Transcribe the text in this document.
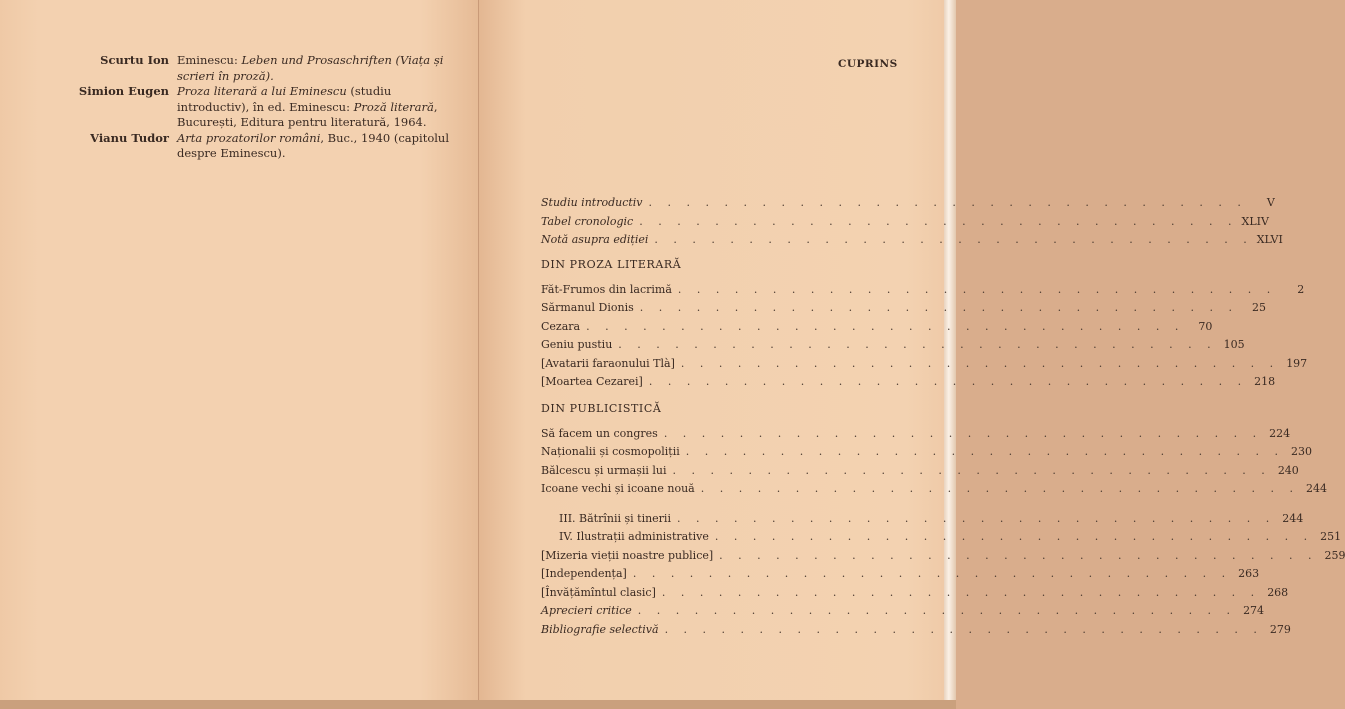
Scurtu Ion Eminescu: Leben und Prosaschriften (Viața și scrieri în proză).
Simion Eugen Proza literară a lui Eminescu (studiu introductiv), în ed. Eminescu: Proză literară, București, Editura pentru literatură, 1964.
Vianu Tudor Arta prozatorilor români, Buc., 1940 (capitolul despre Eminescu).
CUPRINS
Studiu introductiv . . . . . . . . . . . . . . . . . . . . . . . . . . . . . . . .	V
Tabel cronologic . . . . . . . . . . . . . . . . . . . . . . . . . . . . . . . . XLIV
Notă asupra ediției . . . . . . . . . . . . . . . . . . . . . . . . . . . . . . . . XLVI
DIN PROZA LITERARĂ
Făt-Frumos din lacrimă . . . . . . . . . . . . . . . . . . . . . . . . . . . . . . . .	2
Sărmanul Dionis . . . . . . . . . . . . . . . . . . . . . . . . . . . . . . . .	25
Cezara . . . . . . . . . . . . . . . . . . . . . . . . . . . . . . . .	70
Geniu pustiu . . . . . . . . . . . . . . . . . . . . . . . . . . . . . . . . 105
[Avatarii faraonului Tlà] . . . . . . . . . . . . . . . . . . . . . . . . . . . . . . . . 197
[Moartea Cezarei] . . . . . . . . . . . . . . . . . . . . . . . . . . . . . . . . 218
DIN PUBLICISTICĂ
Să facem un congres . . . . . . . . . . . . . . . . . . . . . . . . . . . . . . . . 224
Naționalii și cosmopoliții . . . . . . . . . . . . . . . . . . . . . . . . . . . . . . . . 230
Bălcescu și urmașii lui . . . . . . . . . . . . . . . . . . . . . . . . . . . . . . . . 240
Icoane vechi și icoane nouă . . . . . . . . . . . . . . . . . . . . . . . . . . . . . . . . 244
III. Bătrînii și tinerii . . . . . . . . . . . . . . . . . . . . . . . . . . . . . . . . 244
IV. Ilustrații administrative . . . . . . . . . . . . . . . . . . . . . . . . . . . . . . . . 251
[Mizeria vieții noastre publice] . . . . . . . . . . . . . . . . . . . . . . . . . . . . . . . . 259
[Independența] . . . . . . . . . . . . . . . . . . . . . . . . . . . . . . . . 263
[Învățămîntul clasic] . . . . . . . . . . . . . . . . . . . . . . . . . . . . . . . . 268
Aprecieri critice . . . . . . . . . . . . . . . . . . . . . . . . . . . . . . . . 274
Bibliografie selectivă . . . . . . . . . . . . . . . . . . . . . . . . . . . . . . . . 279
